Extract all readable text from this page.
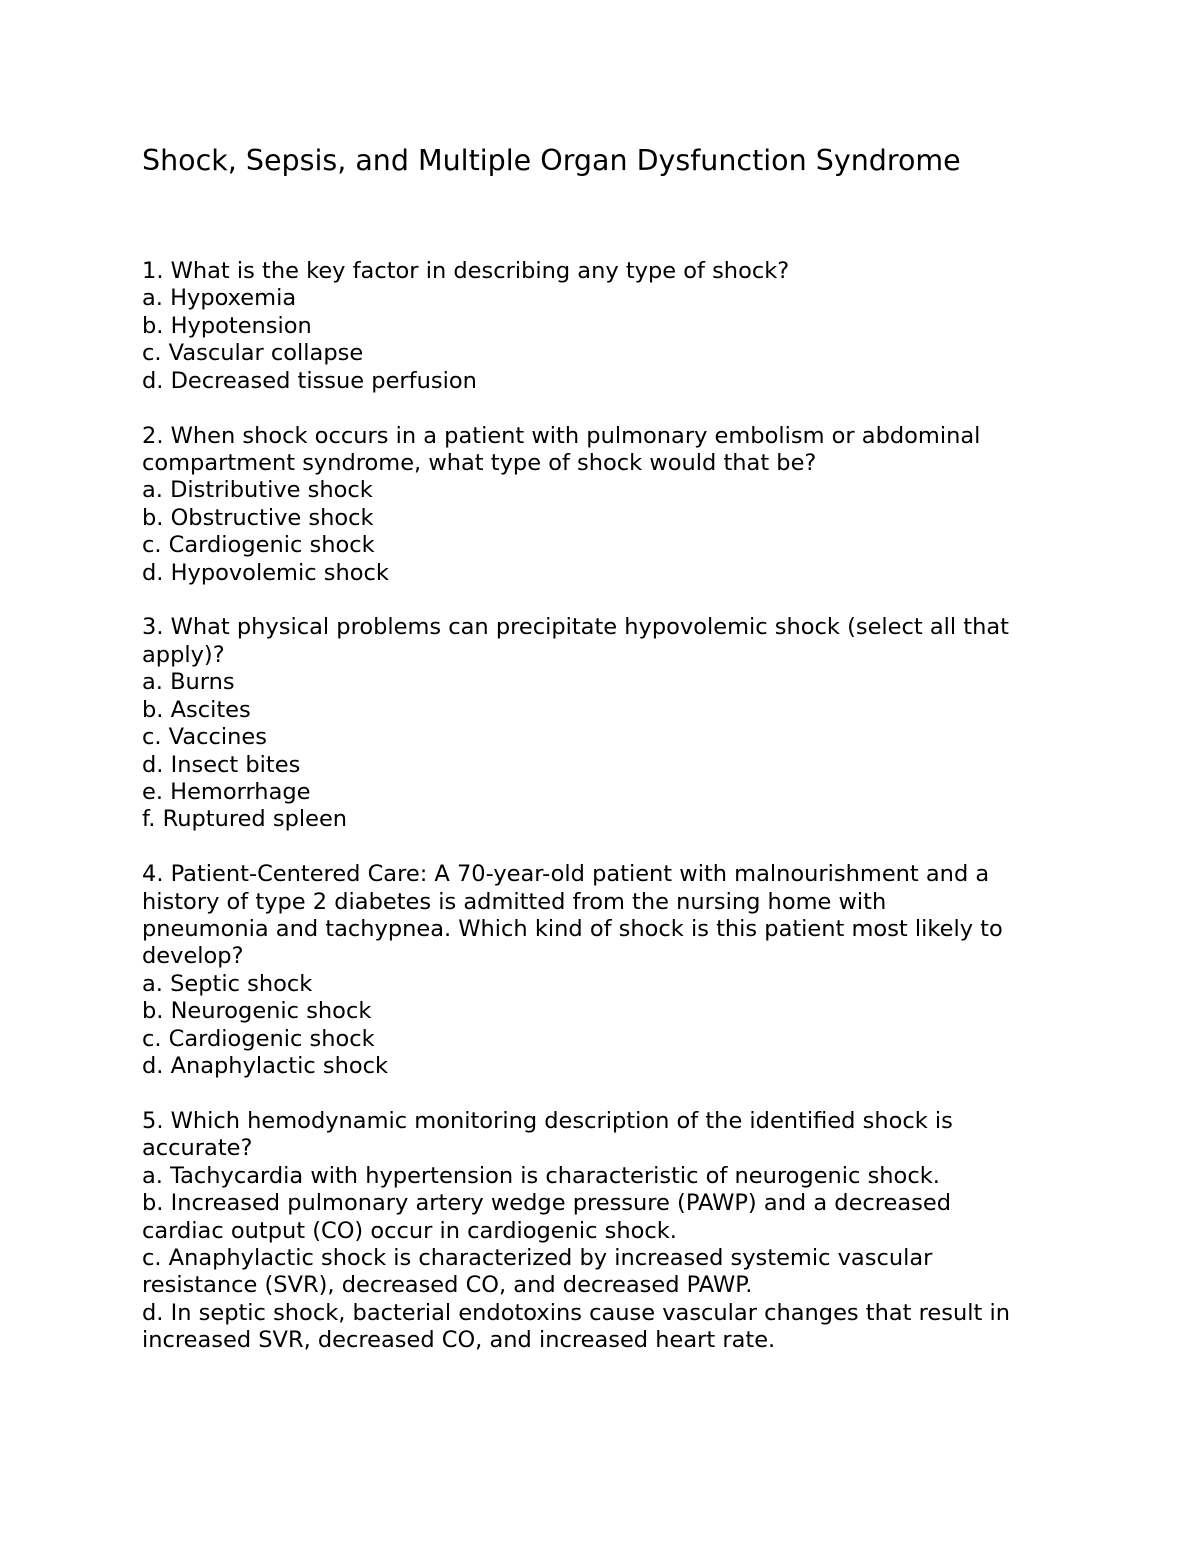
Shock, Sepsis, and Multiple Organ Dysfunction Syndrome

1. What is the key factor in describing any type of shock?

a. Hypoxemia

b. Hypotension

c. Vascular collapse

d. Decreased tissue perfusion

2. When shock occurs in a patient with pulmonary embolism or abdominal

compartment syndrome, what type of shock would that be?

a. Distributive shock

b. Obstructive shock

c. Cardiogenic shock

d. Hypovolemic shock

3. What physical problems can precipitate hypovolemic shock (select all that

apply)?

a. Burns

b. Ascites

c. Vaccines

d. Insect bites

e. Hemorrhage

f. Ruptured spleen

4. Patient-Centered Care: A 70-year-old patient with malnourishment and a

history of type 2 diabetes is admitted from the nursing home with

pneumonia and tachypnea. Which kind of shock is this patient most likely to

develop?

a. Septic shock

b. Neurogenic shock

c. Cardiogenic shock

d. Anaphylactic shock

5. Which hemodynamic monitoring description of the identified shock is

accurate?

a. Tachycardia with hypertension is characteristic of neurogenic shock.

b. Increased pulmonary artery wedge pressure (PAWP) and a decreased

cardiac output (CO) occur in cardiogenic shock.

c. Anaphylactic shock is characterized by increased systemic vascular

resistance (SVR), decreased CO, and decreased PAWP.

d. In septic shock, bacterial endotoxins cause vascular changes that result in

increased SVR, decreased CO, and increased heart rate.
